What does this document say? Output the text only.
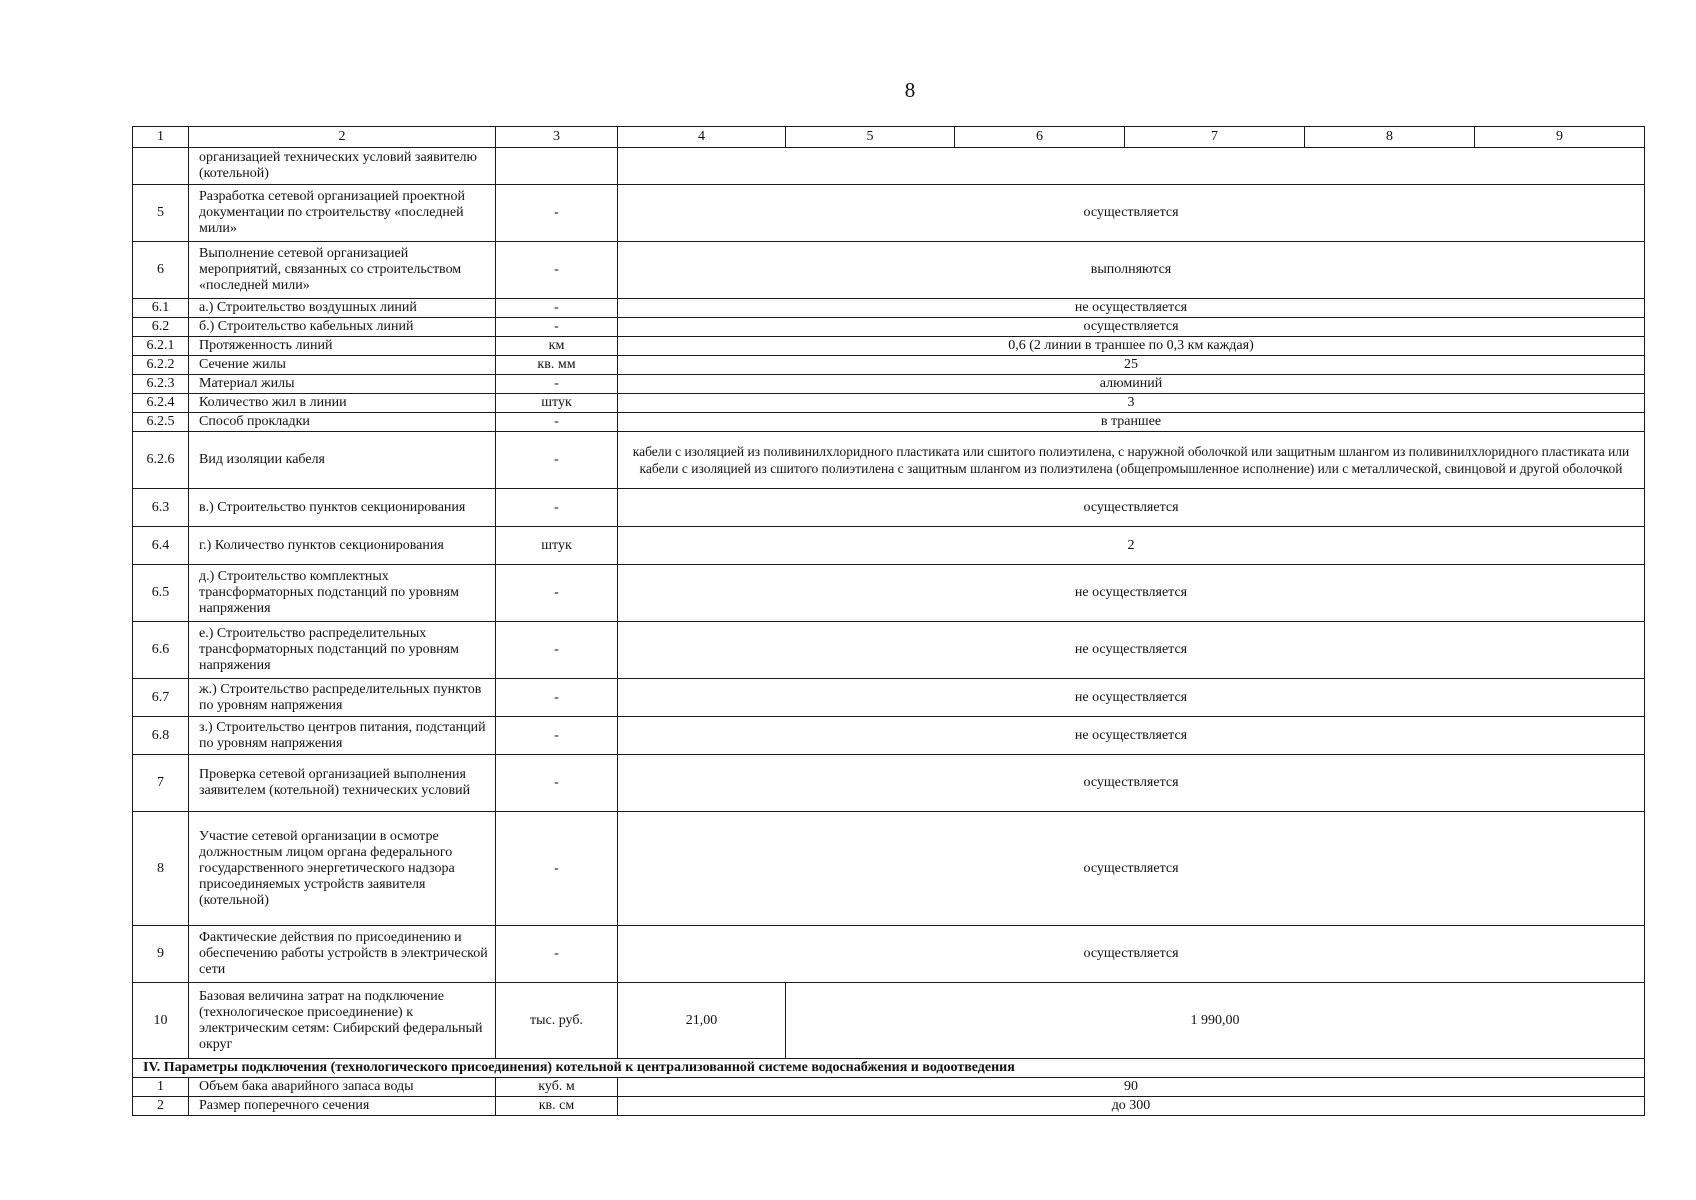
8
1	2	3	4	5	6	7	8	9
	организацией технических условий заявителю (котельной)							
5	Разработка сетевой организацией проектной документации по строительству «последней мили»	-	осуществляется					
6	Выполнение сетевой организацией мероприятий, связанных со строительством «последней мили»	-	выполняются					
6.1	а.) Строительство воздушных линий	-	не осуществляется					
6.2	б.) Строительство кабельных линий	-	осуществляется					
6.2.1	Протяженность линий	км	0,6 (2 линии в траншее по 0,3 км каждая)					
6.2.2	Сечение жилы	кв. мм	25					
6.2.3	Материал жилы	-	алюминий					
6.2.4	Количество жил в линии	штук	3					
6.2.5	Способ прокладки	-	в траншее					
6.2.6	Вид изоляции кабеля	-	кабели с изоляцией из поливинилхлоридного пластиката или сшитого полиэтилена, с наружной оболочкой или защитным шлангом из поливинилхлоридного пластиката или кабели с изоляцией из сшитого полиэтилена с защитным шлангом из полиэтилена (общепромышленное исполнение) или с металлической, свинцовой и другой оболочкой					
6.3	в.) Строительство пунктов секционирования	-	осуществляется					
6.4	г.) Количество пунктов секционирования	штук	2					
6.5	д.) Строительство комплектных трансформаторных подстанций по уровням напряжения	-	не осуществляется					
6.6	е.) Строительство распределительных трансформаторных подстанций по уровням напряжения	-	не осуществляется					
6.7	ж.) Строительство распределительных пунктов по уровням напряжения	-	не осуществляется					
6.8	з.) Строительство центров питания, подстанций по уровням напряжения	-	не осуществляется					
7	Проверка сетевой организацией выполнения заявителем (котельной) технических условий	-	осуществляется					
8	Участие сетевой организации в осмотре должностным лицом органа федерального государственного энергетического надзора присоединяемых устройств заявителя (котельной)	-	осуществляется					
9	Фактические действия по присоединению и обеспечению работы устройств в электрической сети	-	осуществляется					
10	Базовая величина затрат на подключение (технологическое присоединение) к электрическим сетям: Сибирский федеральный округ	тыс. руб.	21,00	1 990,00				
IV. Параметры подключения (технологического присоединения) котельной к централизованной системе водоснабжения и водоотведения								
1	Объем бака аварийного запаса воды	куб. м	90					
2	Размер поперечного сечения	кв. см	до 300					
